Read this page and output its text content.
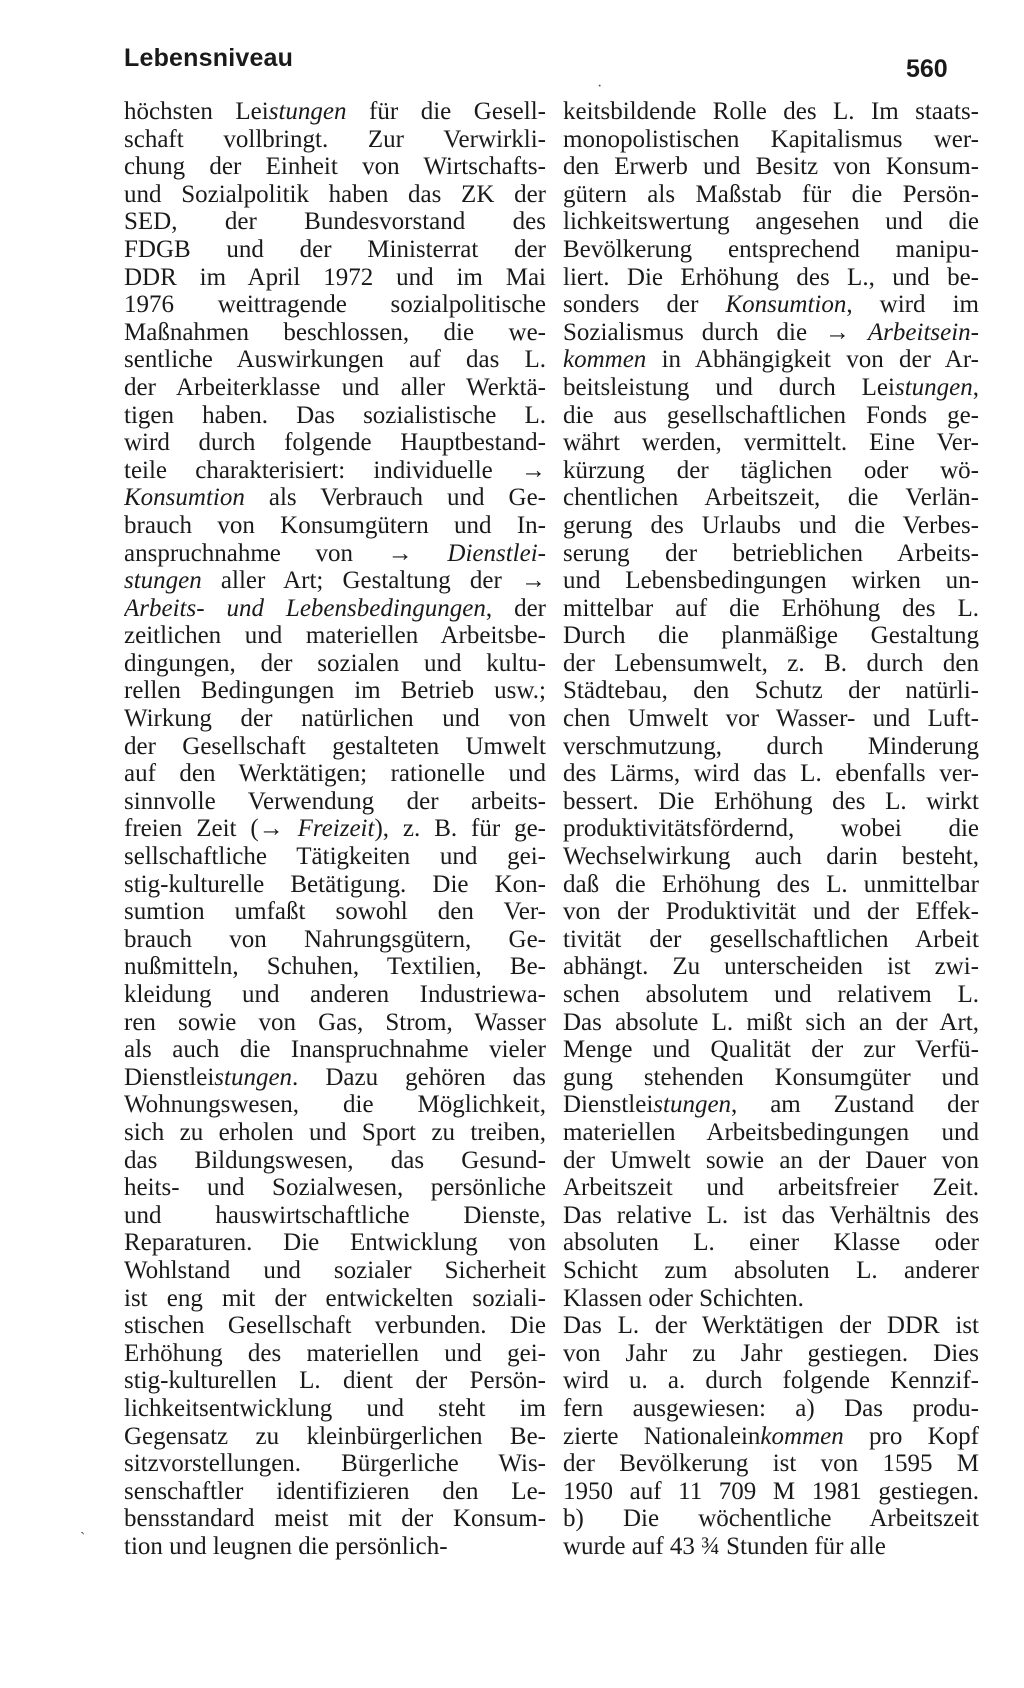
Lebensniveau	560
·
ˋ
höchsten Leistungen für die Gesell-
schaft vollbringt. Zur Verwirkli-
chung der Einheit von Wirtschafts-
und Sozialpolitik haben das ZK der
SED, der Bundesvorstand des
FDGB und der Ministerrat der
DDR im April 1972 und im Mai
1976 weittragende sozialpolitische
Maßnahmen beschlossen, die we-
sentliche Auswirkungen auf das L.
der Arbeiterklasse und aller Werktä-
tigen haben. Das sozialistische L.
wird durch folgende Hauptbestand-
teile charakterisiert: individuelle →
Konsumtion als Verbrauch und Ge-
brauch von Konsumgütern und In-
anspruchnahme von → Dienstlei-
stungen aller Art; Gestaltung der →
Arbeits- und Lebensbedingungen, der
zeitlichen und materiellen Arbeitsbe-
dingungen, der sozialen und kultu-
rellen Bedingungen im Betrieb usw.;
Wirkung der natürlichen und von
der Gesellschaft gestalteten Umwelt
auf den Werktätigen; rationelle und
sinnvolle Verwendung der arbeits-
freien Zeit (→ Freizeit), z. B. für ge-
sellschaftliche Tätigkeiten und gei-
stig-kulturelle Betätigung. Die Kon-
sumtion umfaßt sowohl den Ver-
brauch von Nahrungsgütern, Ge-
nußmitteln, Schuhen, Textilien, Be-
kleidung und anderen Industriewa-
ren sowie von Gas, Strom, Wasser
als auch die Inanspruchnahme vieler
Dienstleistungen. Dazu gehören das
Wohnungswesen, die Möglichkeit,
sich zu erholen und Sport zu treiben,
das Bildungswesen, das Gesund-
heits- und Sozialwesen, persönliche
und hauswirtschaftliche Dienste,
Reparaturen. Die Entwicklung von
Wohlstand und sozialer Sicherheit
ist eng mit der entwickelten soziali-
stischen Gesellschaft verbunden. Die
Erhöhung des materiellen und gei-
stig-kulturellen L. dient der Persön-
lichkeitsentwicklung und steht im
Gegensatz zu kleinbürgerlichen Be-
sitzvorstellungen. Bürgerliche Wis-
senschaftler identifizieren den Le-
bensstandard meist mit der Konsum-
tion und leugnen die persönlich-
keitsbildende Rolle des L. Im staats-
monopolistischen Kapitalismus wer-
den Erwerb und Besitz von Konsum-
gütern als Maßstab für die Persön-
lichkeitswertung angesehen und die
Bevölkerung entsprechend manipu-
liert. Die Erhöhung des L., und be-
sonders der Konsumtion, wird im
Sozialismus durch die → Arbeitsein-
kommen in Abhängigkeit von der Ar-
beitsleistung und durch Leistungen,
die aus gesellschaftlichen Fonds ge-
währt werden, vermittelt. Eine Ver-
kürzung der täglichen oder wö-
chentlichen Arbeitszeit, die Verlän-
gerung des Urlaubs und die Verbes-
serung der betrieblichen Arbeits-
und Lebensbedingungen wirken un-
mittelbar auf die Erhöhung des L.
Durch die planmäßige Gestaltung
der Lebensumwelt, z. B. durch den
Städtebau, den Schutz der natürli-
chen Umwelt vor Wasser- und Luft-
verschmutzung, durch Minderung
des Lärms, wird das L. ebenfalls ver-
bessert. Die Erhöhung des L. wirkt
produktivitätsfördernd, wobei die
Wechselwirkung auch darin besteht,
daß die Erhöhung des L. unmittelbar
von der Produktivität und der Effek-
tivität der gesellschaftlichen Arbeit
abhängt. Zu unterscheiden ist zwi-
schen absolutem und relativem L.
Das absolute L. mißt sich an der Art,
Menge und Qualität der zur Verfü-
gung stehenden Konsumgüter und
Dienstleistungen, am Zustand der
materiellen Arbeitsbedingungen und
der Umwelt sowie an der Dauer von
Arbeitszeit und arbeitsfreier Zeit.
Das relative L. ist das Verhältnis des
absoluten L. einer Klasse oder
Schicht zum absoluten L. anderer
Klassen oder Schichten.
Das L. der Werktätigen der DDR ist
von Jahr zu Jahr gestiegen. Dies
wird u. a. durch folgende Kennzif-
fern ausgewiesen: a) Das produ-
zierte Nationaleinkommen pro Kopf
der Bevölkerung ist von 1595 M
1950 auf 11 709 M 1981 gestiegen.
b) Die wöchentliche Arbeitszeit
wurde auf 43 ¾ Stunden für alle
